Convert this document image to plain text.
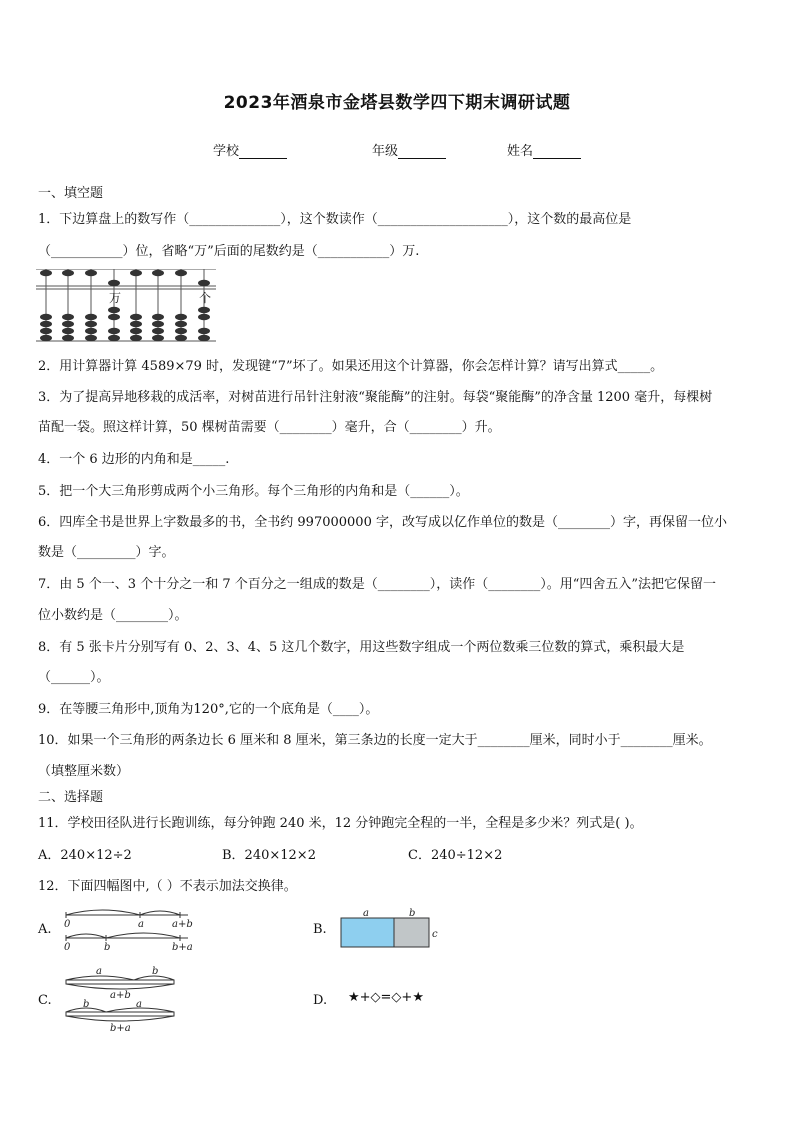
2023年酒泉市金塔县数学四下期末调研试题
学校	年级	姓名
一、填空题
1．下边算盘上的数写作（______________），这个数读作（____________________），这个数的最高位是
（___________）位，省略“万”后面的尾数约是（___________）万.
万	个
2．用计算器计算 4589×79 时，发现键“7”坏了。如果还用这个计算器，你会怎样计算？请写出算式_____。
3．为了提高异地移栽的成活率，对树苗进行吊针注射液“聚能酶”的注射。每袋“聚能酶”的净含量 1200 毫升，每棵树
苗配一袋。照这样计算，50 棵树苗需要（________）毫升，合（________）升。
4．一个 6 边形的内角和是_____.
5．把一个大三角形剪成两个小三角形。每个三角形的内角和是（______）。
6．四库全书是世界上字数最多的书，全书约 997000000 字，改写成以亿作单位的数是（________）字，再保留一位小
数是（_________）字。
7．由 5 个一、3 个十分之一和 7 个百分之一组成的数是（________），读作（________）。用“四舍五入”法把它保留一
位小数约是（________）。
8．有 5 张卡片分别写有 0、2、3、4、5 这几个数字，用这些数字组成一个两位数乘三位数的算式，乘积最大是
（______）。
9．在等腰三角形中,顶角为120°,它的一个底角是（____）。
10．如果一个三角形的两条边长 6 厘米和 8 厘米，第三条边的长度一定大于________厘米，同时小于________厘米。
（填整厘米数）
二、选择题
11．学校田径队进行长跑训练，每分钟跑 240 米，12 分钟跑完全程的一半，全程是多少米？列式是( )。
A．240×12÷2	B．240×12×2	C．240÷12×2
12．下面四幅图中,（ ）不表示加法交换律。
A. 0	a	a+b
0	b	b+a
B.
a	b
c
C.
a	b
a+b
b	a
b+a
D. ★+◇=◇+★
